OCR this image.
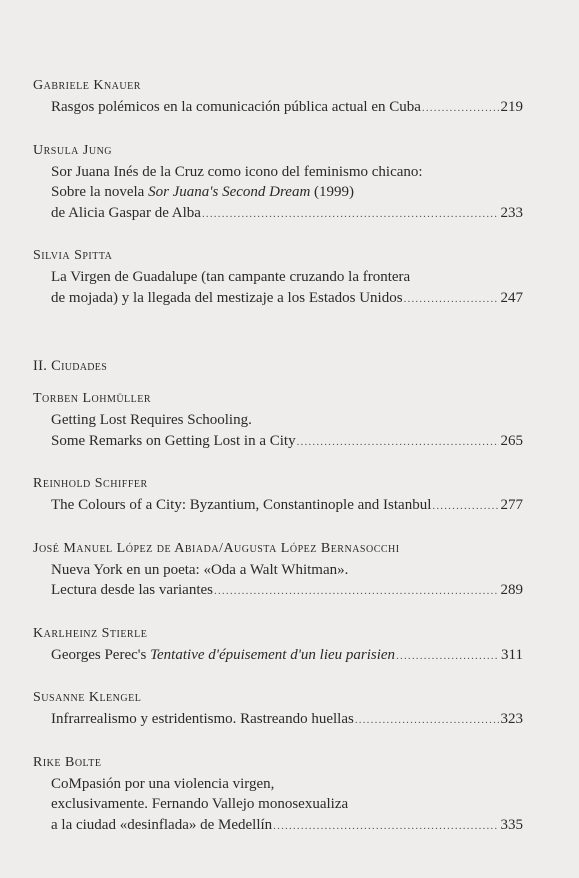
Gabriele Knauer
Rasgos polémicos en la comunicación pública actual en Cuba .....	219
Ursula Jung
Sor Juana Inés de la Cruz como icono del feminismo chicano:
Sobre la novela Sor Juana's Second Dream (1999)
de Alicia Gaspar de Alba .....	233
Silvia Spitta
La Virgen de Guadalupe (tan campante cruzando la frontera
de mojada) y la llegada del mestizaje a los Estados Unidos .....	247
II. Ciudades
Torben Lohmüller
Getting Lost Requires Schooling.
Some Remarks on Getting Lost in a City .....	265
Reinhold Schiffer
The Colours of a City: Byzantium, Constantinople and Istanbul .....	277
José Manuel López de Abiada/Augusta López Bernasocchi
Nueva York en un poeta: «Oda a Walt Whitman».
Lectura desde las variantes .....	289
Karlheinz Stierle
Georges Perec's Tentative d'épuisement d'un lieu parisien .....	311
Susanne Klengel
Infrarrealismo y estridentismo. Rastreando huellas .....	323
Rike Bolte
CoMpasión por una violencia virgen,
exclusivamente. Fernando Vallejo monosexualiza
a la ciudad «desinflada» de Medellín .....	335
